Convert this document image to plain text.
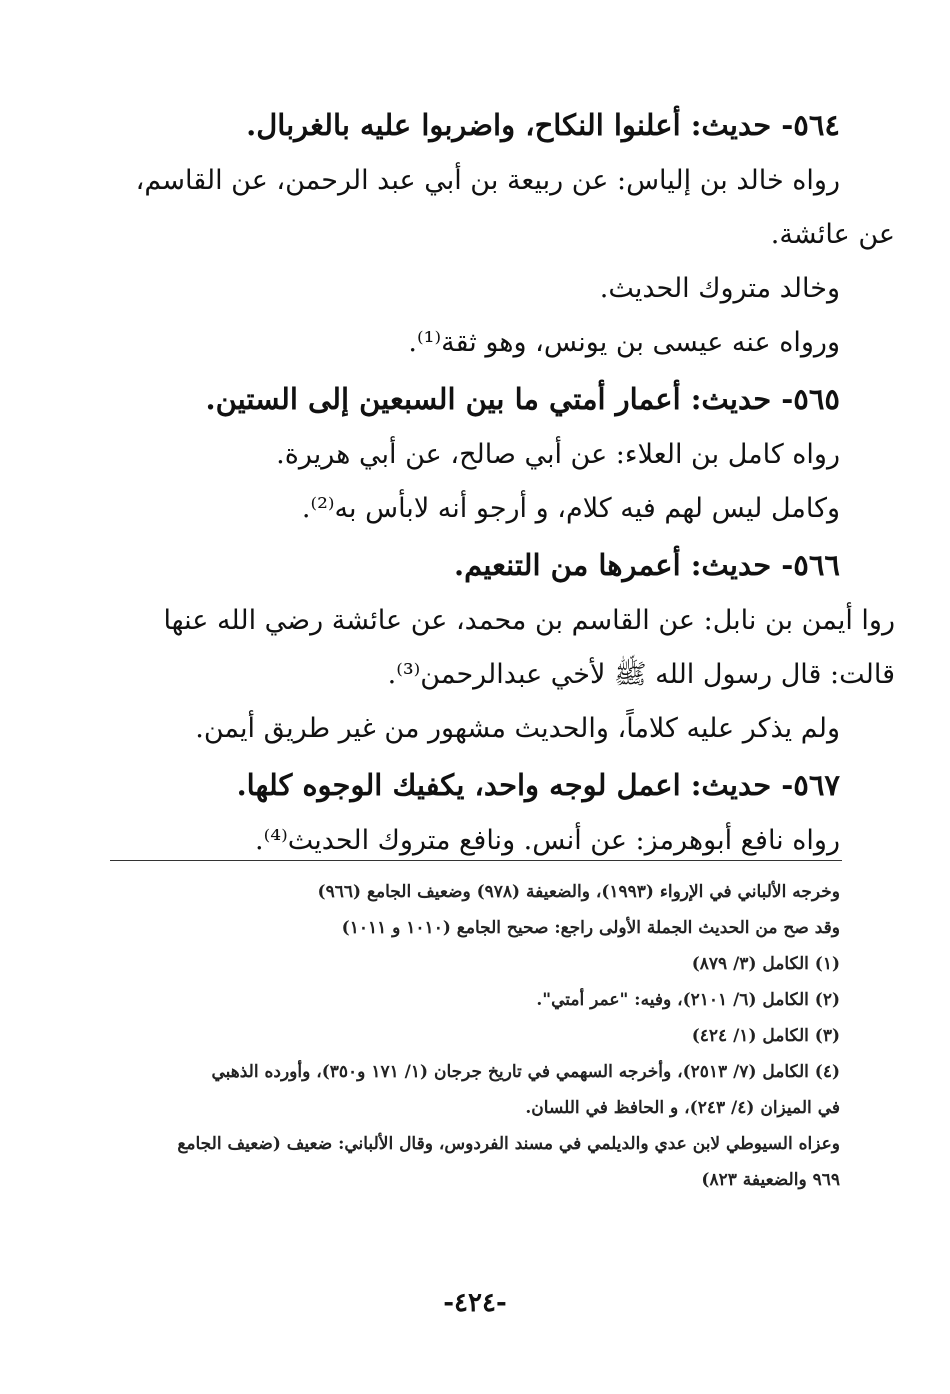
٥٦٤- حديث: أعلنوا النكاح، واضربوا عليه بالغربال.
رواه خالد بن إلياس: عن ربيعة بن أبي عبد الرحمن، عن القاسم،
عن عائشة.
وخالد متروك الحديث.
ورواه عنه عيسى بن يونس، وهو ثقة⁽¹⁾.
٥٦٥- حديث: أعمار أمتي ما بين السبعين إلى الستين.
رواه كامل بن العلاء: عن أبي صالح، عن أبي هريرة.
وكامل ليس لهم فيه كلام، و أرجو أنه لابأس به⁽²⁾.
٥٦٦- حديث: أعمرها من التنعيم.
روا أيمن بن نابل: عن القاسم بن محمد، عن عائشة رضي الله عنها
قالت: قال رسول الله ﷺ لأخي عبدالرحمن⁽³⁾.
ولم يذكر عليه كلاماً، والحديث مشهور من غير طريق أيمن.
٥٦٧- حديث: اعمل لوجه واحد، يكفيك الوجوه كلها.
رواه نافع أبوهرمز: عن أنس. ونافع متروك الحديث⁽⁴⁾.
وخرجه الألباني في الإرواء (١٩٩٣)، والضعيفة (٩٧٨) وضعيف الجامع (٩٦٦)
وقد صح من الحديث الجملة الأولى راجع: صحيح الجامع (١٠١٠ و ١٠١١)
(١) الكامل (٣/ ٨٧٩)
(٢) الكامل (٦/ ٢١٠١)، وفيه: "عمر أمتي".
(٣) الكامل (١/ ٤٢٤)
(٤) الكامل (٧/ ٢٥١٣)، وأخرجه السهمي في تاريخ جرجان (١/ ١٧١ و٣٥٠)، وأورده الذهبي
في الميزان (٤/ ٢٤٣)، و الحافظ في اللسان.
وعزاه السيوطي لابن عدي والديلمي في مسند الفردوس، وقال الألباني: ضعيف (ضعيف الجامع
٩٦٩ والضعيفة ٨٢٣)
-٤٢٤-
